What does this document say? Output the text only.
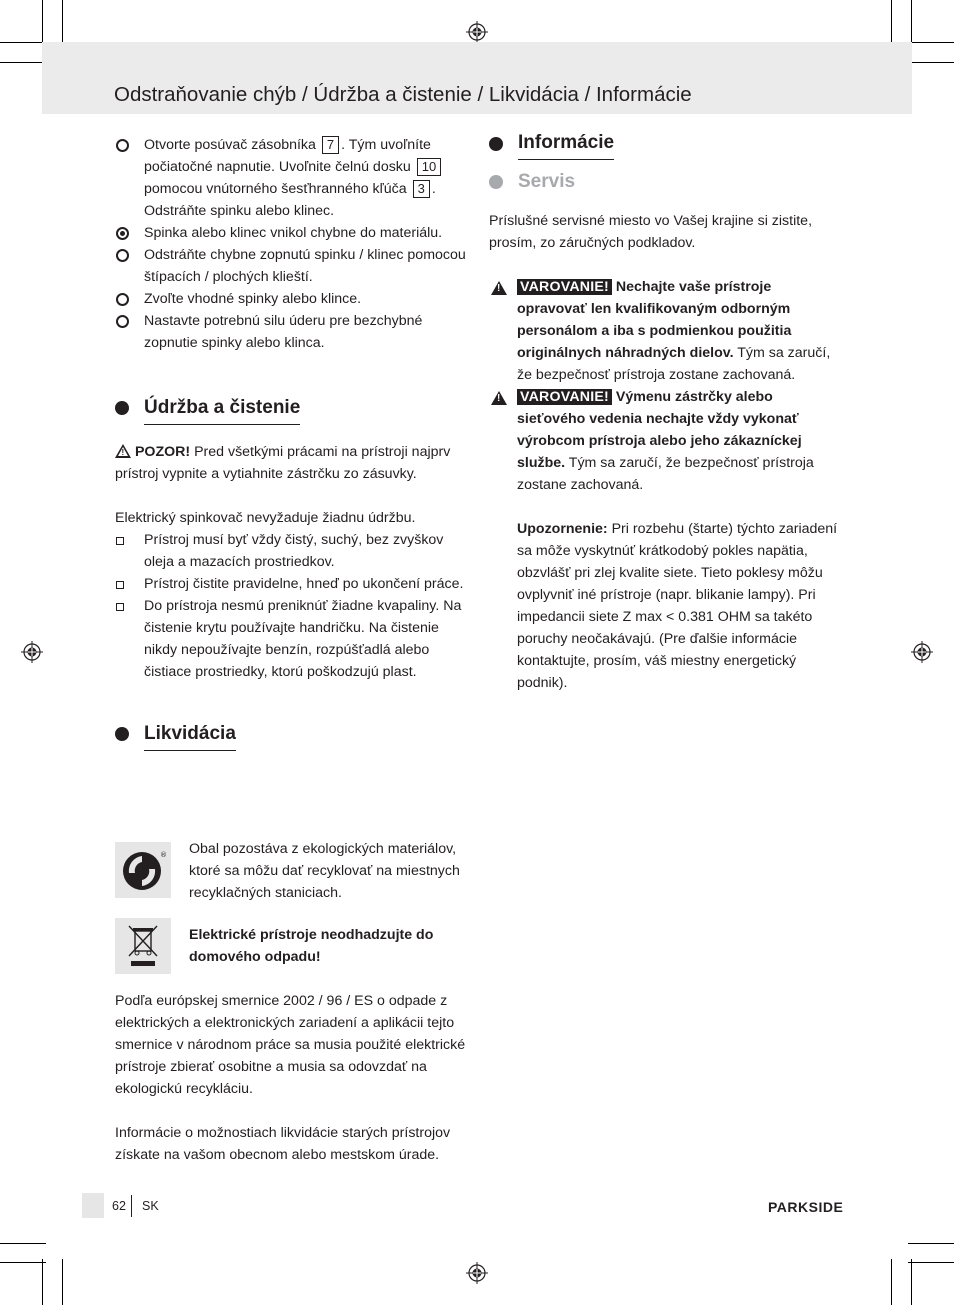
Odstraňovanie chýb / Údržba a čistenie / Likvidácia / Informácie
Otvorte posúvač zásobníka 7 . Tým uvoľníte počiatočné napnutie. Uvoľnite čelnú dosku 10 pomocou vnútorného šesťhranného kľúča 3 . Odstráňte spinku alebo klinec.
Spinka alebo klinec vnikol chybne do materiálu.
Odstráňte chybne zopnutú spinku / klinec pomocou štípacích / plochých klieští.
Zvoľte vhodné spinky alebo klince.
Nastavte potrebnú silu úderu pre bezchybné zopnutie spinky alebo klinca.
Údržba a čistenie

! POZOR! Pred všetkými prácami na prístroji najprv prístroj vypnite a vytiahnite zástrčku zo zásuvky.

Elektrický spinkovač nevyžaduje žiadnu údržbu.

Prístroj musí byť vždy čistý, suchý, bez zvyškov oleja a mazacích prostriedkov.
Prístroj čistite pravidelne, hneď po ukončení práce.
Do prístroja nesmú preniknúť žiadne kvapaliny. Na čistenie krytu používajte handričku. Na čistenie nikdy nepoužívajte benzín, rozpúšťadlá alebo čistiace prostriedky, ktorú poškodzujú plast.
Likvidácia
® Obal pozostáva z ekologických materiálov, ktoré sa môžu dať recyklovať na miestnych recyklačných staniciach.

Elektrické prístroje neodhadzujte do domového odpadu!

Podľa európskej smernice 2002 / 96 / ES o odpade z elektrických a elektronických zariadení a aplikácii tejto smernice v národnom práce sa musia použité elektrické prístroje zbierať osobitne a musia sa odovzdať na ekologickú recykláciu.

Informácie o možnostiach likvidácie starých prístrojov získate na vašom obecnom alebo mestskom úrade.

Informácie
Servis

Príslušné servisné miesto vo Vašej krajine si zistite, prosím, zo záručných podkladov.

!

VAROVANIE! Nechajte vaše prístroje opravovať len kvalifikovaným odborným personálom a iba s podmienkou použitia originálnych náhradných dielov. Tým sa zaručí, že bezpečnosť prístroja zostane zachovaná.

!

VAROVANIE! Výmenu zástrčky alebo sieťového vedenia nechajte vždy vykonať výrobcom prístroja alebo jeho zákazníckej službe. Tým sa zaručí, že bezpečnosť prístroja zostane zachovaná.

Upozornenie: Pri rozbehu (štarte) týchto zariadení sa môže vyskytnúť krátkodobý pokles napätia, obzvlášť pri zlej kvalite siete. Tieto poklesy môžu ovplyvniť iné prístroje (napr. blikanie lampy). Pri impedancii siete Z max < 0.381 OHM sa takéto poruchy neočakávajú. (Pre ďalšie informácie kontaktujte, prosím, váš miestny energetický podnik).

62 SK	PARKSIDE
